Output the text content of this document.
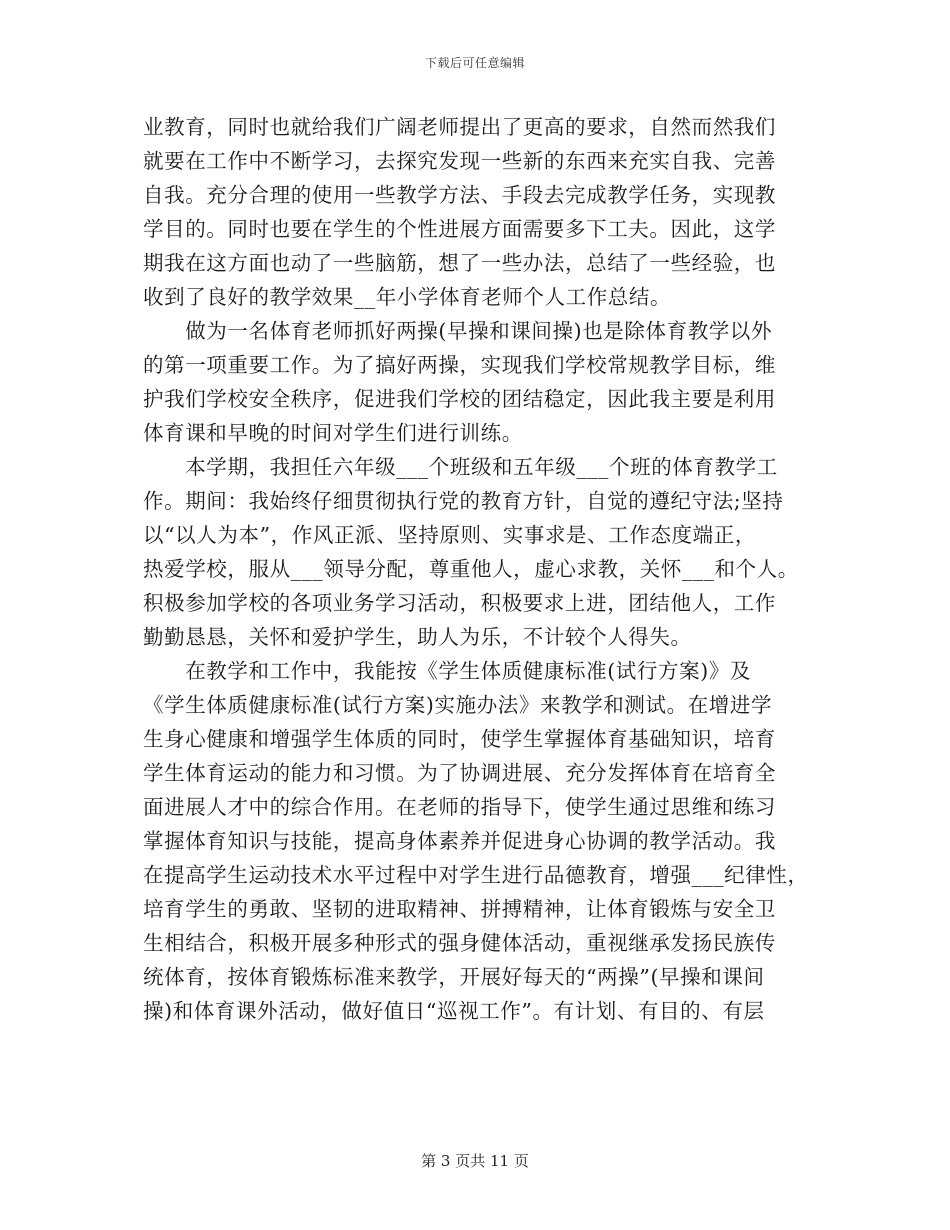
下载后可任意编辑
业教育，同时也就给我们广阔老师提出了更高的要求，自然而然我们
就要在工作中不断学习，去探究发现一些新的东西来充实自我、完善
自我。充分合理的使用一些教学方法、手段去完成教学任务，实现教
学目的。同时也要在学生的个性进展方面需要多下工夫。因此，这学
期我在这方面也动了一些脑筋，想了一些办法，总结了一些经验，也
收到了良好的教学效果__年小学体育老师个人工作总结。
　　做为一名体育老师抓好两操(早操和课间操)也是除体育教学以外
的第一项重要工作。为了搞好两操，实现我们学校常规教学目标，维
护我们学校安全秩序，促进我们学校的团结稳定，因此我主要是利用
体育课和早晚的时间对学生们进行训练。
　　本学期，我担任六年级___个班级和五年级___个班的体育教学工
作。期间：我始终仔细贯彻执行党的教育方针，自觉的遵纪守法;坚持
以“以人为本”，作风正派、坚持原则、实事求是、工作态度端正，
热爱学校，服从___领导分配，尊重他人，虚心求教，关怀___和个人。
积极参加学校的各项业务学习活动，积极要求上进，团结他人，工作
勤勤恳恳，关怀和爱护学生，助人为乐，不计较个人得失。
　　在教学和工作中，我能按《学生体质健康标准(试行方案)》及
《学生体质健康标准(试行方案)实施办法》来教学和测试。在增进学
生身心健康和增强学生体质的同时，使学生掌握体育基础知识，培育
学生体育运动的能力和习惯。为了协调进展、充分发挥体育在培育全
面进展人才中的综合作用。在老师的指导下，使学生通过思维和练习
掌握体育知识与技能，提高身体素养并促进身心协调的教学活动。我
在提高学生运动技术水平过程中对学生进行品德教育，增强___纪律性，
培育学生的勇敢、坚韧的进取精神、拼搏精神，让体育锻炼与安全卫
生相结合，积极开展多种形式的强身健体活动，重视继承发扬民族传
统体育，按体育锻炼标准来教学，开展好每天的“两操”(早操和课间
操)和体育课外活动，做好值日“巡视工作”。有计划、有目的、有层
第 3 页共 11 页
